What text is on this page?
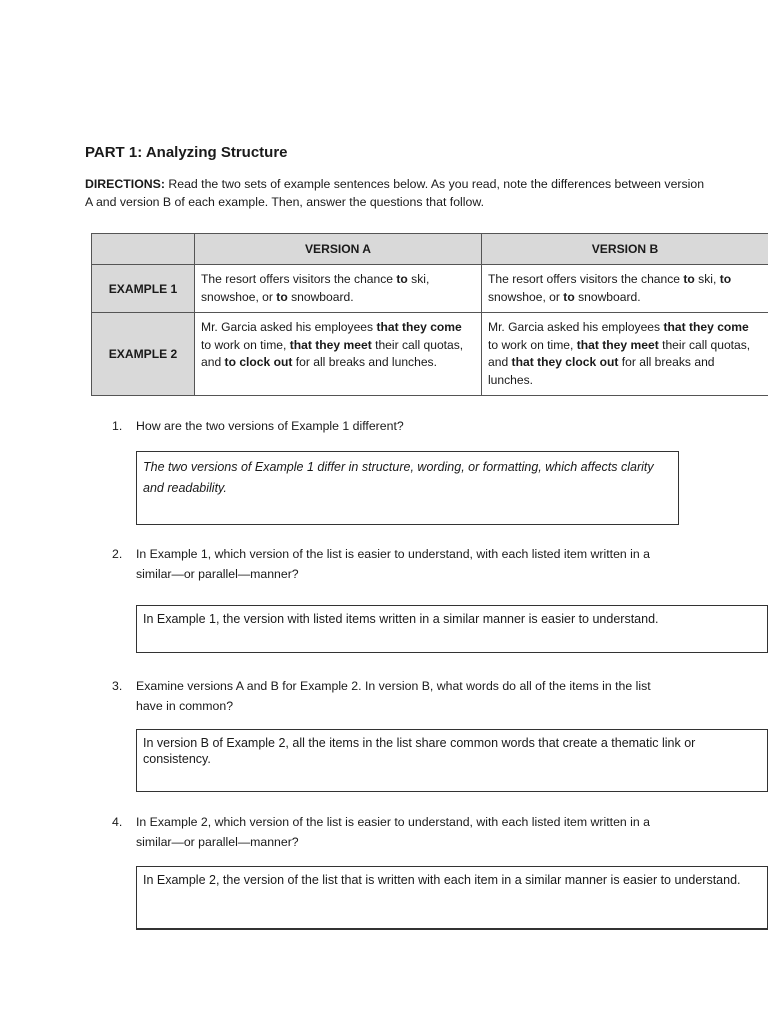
PART 1: Analyzing Structure

DIRECTIONS: Read the two sets of example sentences below. As you read, note the differences between version A and version B of each example. Then, answer the questions that follow.

	VERSION A	VERSION B
EXAMPLE 1	The resort offers visitors the chance to ski, snowshoe, or to snowboard.	The resort offers visitors the chance to ski, to snowshoe, or to snowboard.
EXAMPLE 2	Mr. Garcia asked his employees that they come to work on time, that they meet their call quotas, and to clock out for all breaks and lunches.	Mr. Garcia asked his employees that they come to work on time, that they meet their call quotas, and that they clock out for all breaks and lunches.
1.	How are the two versions of Example 1 different?
The two versions of Example 1 differ in structure, wording, or formatting, which affects clarity and readability.
2.	In Example 1, which version of the list is easier to understand, with each listed item written in a similar—or parallel—manner?
In Example 1, the version with listed items written in a similar manner is easier to understand.
3.	Examine versions A and B for Example 2. In version B, what words do all of the items in the list have in common?
In version B of Example 2, all the items in the list share common words that create a thematic link or consistency.
4.	In Example 2, which version of the list is easier to understand, with each listed item written in a similar—or parallel—manner?
In Example 2, the version of the list that is written with each item in a similar manner is easier to understand.
